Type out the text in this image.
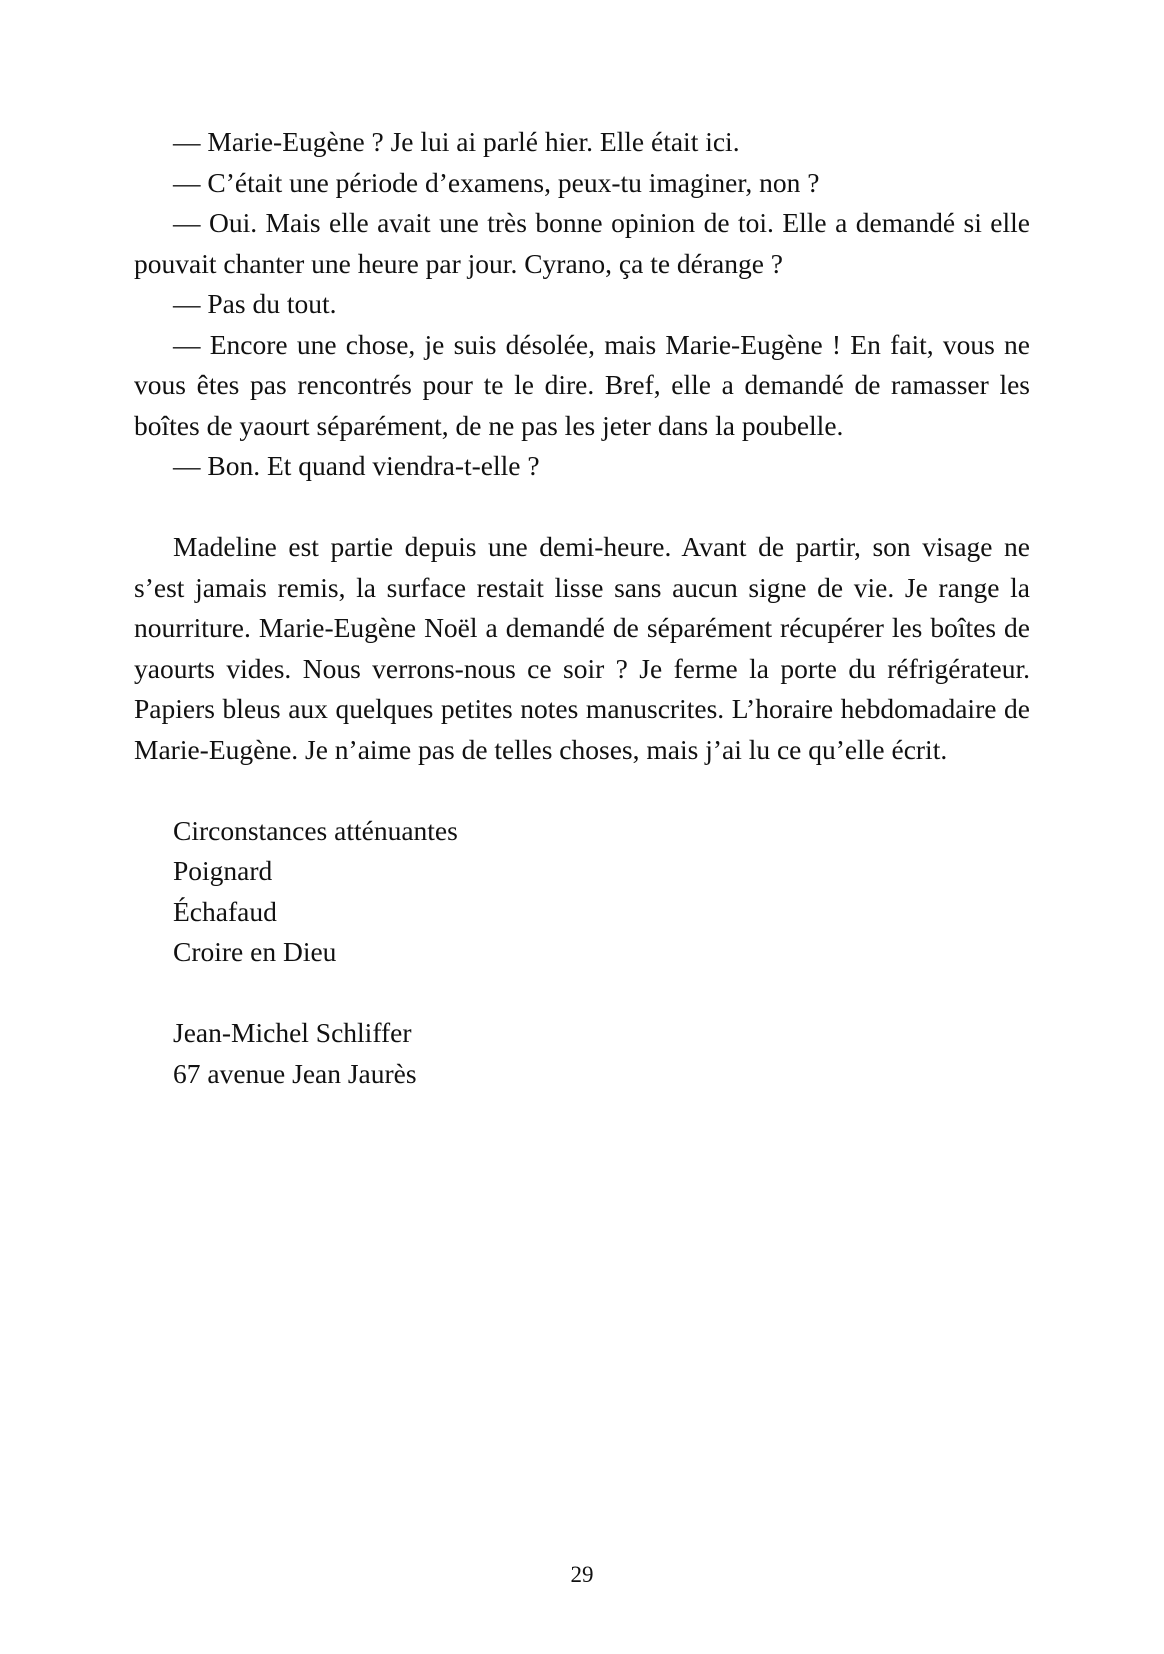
— Marie-Eugène ? Je lui ai parlé hier. Elle était ici.

— C’était une période d’examens, peux-tu imaginer, non ?

— Oui. Mais elle avait une très bonne opinion de toi. Elle a demandé si elle pouvait chanter une heure par jour. Cyrano, ça te dérange ?

— Pas du tout.

— Encore une chose, je suis désolée, mais Marie-Eugène ! En fait, vous ne vous êtes pas rencontrés pour te le dire. Bref, elle a demandé de ramasser les boîtes de yaourt séparément, de ne pas les jeter dans la poubelle.

— Bon. Et quand viendra-t-elle ?

Madeline est partie depuis une demi-heure. Avant de partir, son visage ne s’est jamais remis, la surface restait lisse sans aucun signe de vie. Je range la nourriture. Marie-Eugène Noël a demandé de séparément récupérer les boîtes de yaourts vides. Nous verrons-nous ce soir ? Je ferme la porte du réfrigérateur. Papiers bleus aux quelques petites notes manuscrites. L’horaire hebdomadaire de Marie-Eugène. Je n’aime pas de telles choses, mais j’ai lu ce qu’elle écrit.

Circonstances atténuantes

Poignard

Échafaud

Croire en Dieu

Jean-Michel Schliffer

67 avenue Jean Jaurès

29
